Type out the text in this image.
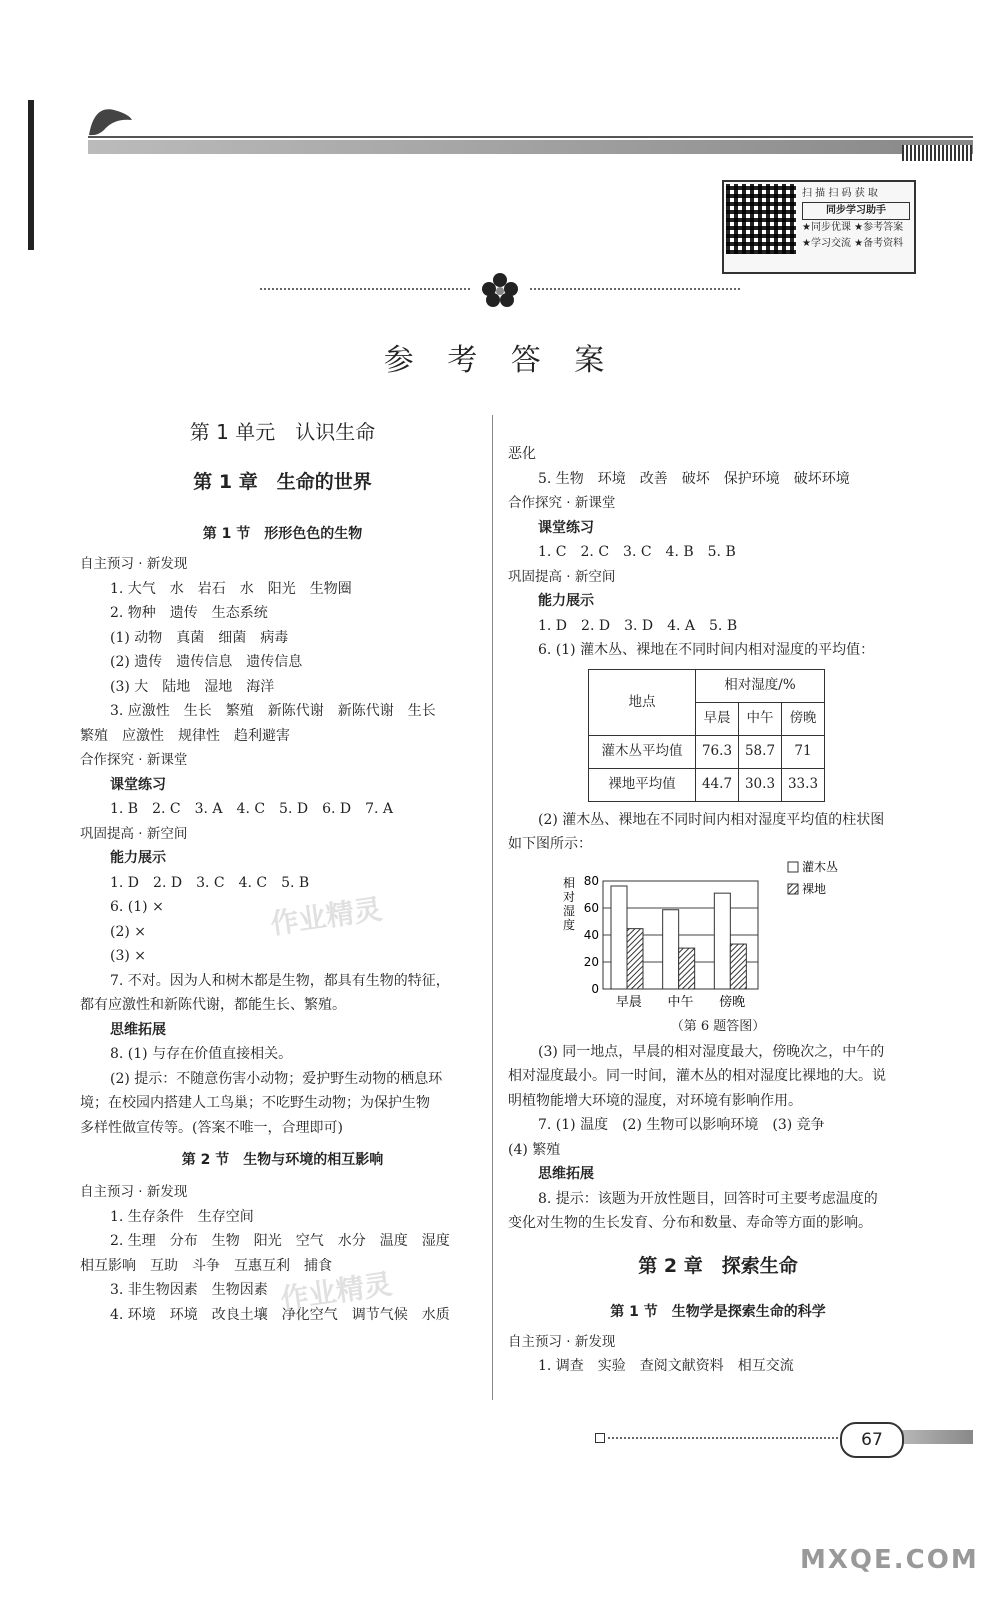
扫 描 扫 码 获 取
同步学习助手
★同步优课 ★参考答案
★学习交流 ★备考资料
参 考 答 案
第 1 单元　认识生命
第 1 章　生命的世界
第 1 节　形形色色的生物
自主预习 · 新发现
1. 大气　水　岩石　水　阳光　生物圈
2. 物种　遗传　生态系统
(1) 动物　真菌　细菌　病毒
(2) 遗传　遗传信息　遗传信息
(3) 大　陆地　湿地　海洋
3. 应激性　生长　繁殖　新陈代谢　新陈代谢　生长
繁殖　应激性　规律性　趋利避害
合作探究 · 新课堂
课堂练习
1. B　2. C　3. A　4. C　5. D　6. D　7. A
巩固提高 · 新空间
能力展示
1. D　2. D　3. C　4. C　5. B
6. (1) ×
(2) ×
(3) ×
7. 不对。因为人和树木都是生物，都具有生物的特征，
都有应激性和新陈代谢，都能生长、繁殖。
思维拓展
8. (1) 与存在价值直接相关。
(2) 提示：不随意伤害小动物；爱护野生动物的栖息环
境；在校园内搭建人工鸟巢；不吃野生动物；为保护生物
多样性做宣传等。(答案不唯一，合理即可)
第 2 节　生物与环境的相互影响
自主预习 · 新发现
1. 生存条件　生存空间
2. 生理　分布　生物　阳光　空气　水分　温度　湿度
相互影响　互助　斗争　互惠互利　捕食
3. 非生物因素　生物因素
4. 环境　环境　改良土壤　净化空气　调节气候　水质
作业精灵
作业精灵
恶化
5. 生物　环境　改善　破坏　保护环境　破坏环境
合作探究 · 新课堂
课堂练习
1. C　2. C　3. C　4. B　5. B
巩固提高 · 新空间
能力展示
1. D　2. D　3. D　4. A　5. B
6. (1) 灌木丛、裸地在不同时间内相对湿度的平均值：
地点	相对湿度/%		
	早晨	中午	傍晚
灌木丛平均值	76.3	58.7	71
裸地平均值	44.7	30.3	33.3
(2) 灌木丛、裸地在不同时间内相对湿度平均值的柱状图
如下图所示：
0
20
40
60
80
相
对
湿
度
早晨 中午 傍晚
灌木丛
裸地
（第 6 题答图）
(3) 同一地点，早晨的相对湿度最大，傍晚次之，中午的
相对湿度最小。同一时间，灌木丛的相对湿度比裸地的大。说
明植物能增大环境的湿度，对环境有影响作用。
7. (1) 温度　(2) 生物可以影响环境　(3) 竞争
(4) 繁殖
思维拓展
8. 提示：该题为开放性题目，回答时可主要考虑温度的
变化对生物的生长发育、分布和数量、寿命等方面的影响。
第 2 章　探索生命
第 1 节　生物学是探索生命的科学
自主预习 · 新发现
1. 调查　实验　查阅文献资料　相互交流
67
MXQE.COM
